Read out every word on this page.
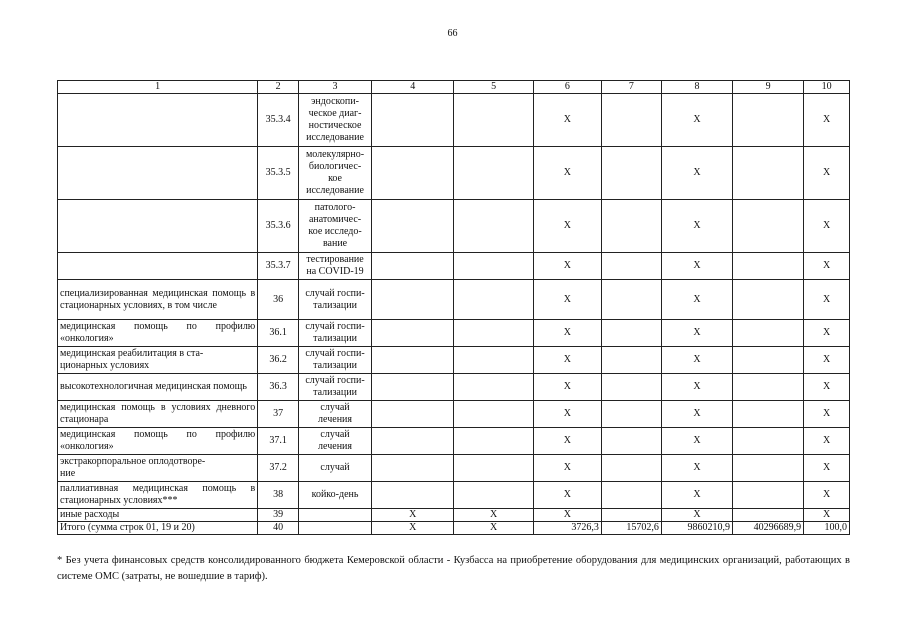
66
1	2	3	4	5	6	7	8	9	10
	35.3.4	эндоскопи-
ческое диаг-
ностическое
исследование			X		X		X
	35.3.5	молекулярно-
биологичес-
кое
исследование			X		X		X
	35.3.6	патолого-
анатомичес-
кое исследо-
вание			X		X		X
	35.3.7	тестирование
на COVID-19			X		X		X
специализированная медицинская помощь в стационарных условиях, в том числе	36	случай госпи-
тализации			X		X		X
медицинская помощь по профилю «онкология»	36.1	случай госпи-
тализации			X		X		X
медицинская реабилитация в ста-
ционарных условиях	36.2	случай госпи-
тализации			X		X		X
высокотехнологичная медицинская помощь	36.3	случай госпи-
тализации			X		X		X
медицинская помощь в условиях дневного стационара	37	случай
лечения			X		X		X
медицинская помощь по профилю «онкология»	37.1	случай
лечения			X		X		X
экстракорпоральное оплодотворе-
ние	37.2	случай			X		X		X
паллиативная медицинская помощь в стационарных условиях***	38	койко-день			X		X		X
иные расходы	39		X	X	X		X		X
Итого (сумма строк 01, 19 и 20)	40		X	X	3726,3	15702,6	9860210,9	40296689,9	100,0
* Без учета финансовых средств консолидированного бюджета Кемеровской области - Кузбасса на приобретение оборудования для медицинских организаций, работающих в системе ОМС (затраты, не вошедшие в тариф).
